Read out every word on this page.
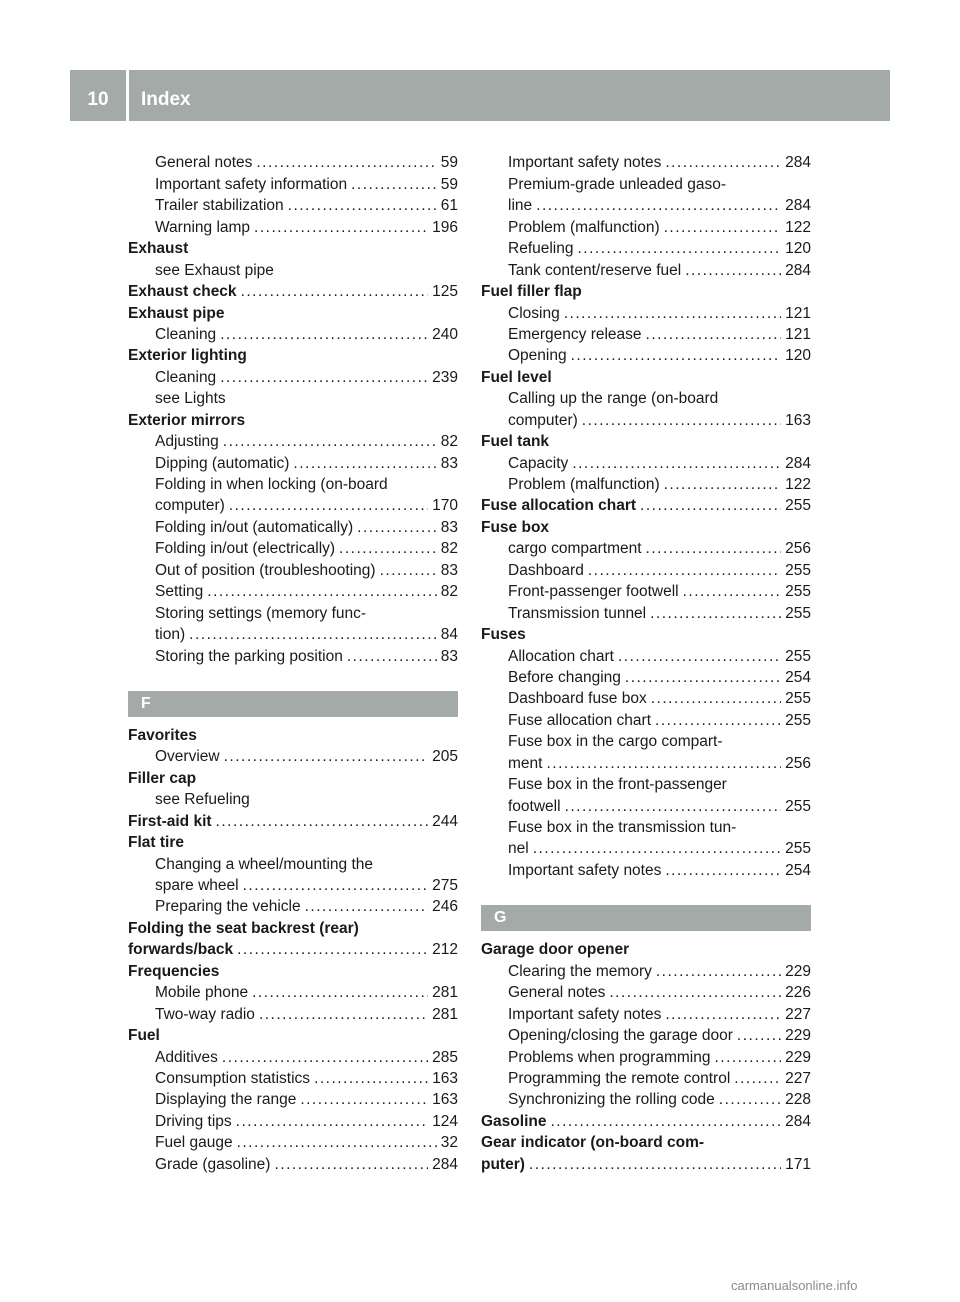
10	Index
General notes .....	59
Important safety information .....	59
Trailer stabilization .....	61
Warning lamp .....	196
Exhaust
see Exhaust pipe
Exhaust check .....	125
Exhaust pipe
Cleaning .....	240
Exterior lighting
Cleaning .....	239
see Lights
Exterior mirrors
Adjusting .....	82
Dipping (automatic) .....	83
Folding in when locking (on-board
computer) .....	170
Folding in/out (automatically) .....	83
Folding in/out (electrically) .....	82
Out of position (troubleshooting) .....	83
Setting .....	82
Storing settings (memory func-
tion) .....	84
Storing the parking position .....	83
F
Favorites
Overview .....	205
Filler cap
see Refueling
First-aid kit .....	244
Flat tire
Changing a wheel/mounting the
spare wheel .....	275
Preparing the vehicle .....	246
Folding the seat backrest (rear)
forwards/back .....	212
Frequencies
Mobile phone .....	281
Two-way radio .....	281
Fuel
Additives .....	285
Consumption statistics .....	163
Displaying the range .....	163
Driving tips .....	124
Fuel gauge .....	32
Grade (gasoline) .....	284
Important safety notes .....	284
Premium-grade unleaded gaso-
line .....	284
Problem (malfunction) .....	122
Refueling .....	120
Tank content/reserve fuel .....	284
Fuel filler flap
Closing .....	121
Emergency release .....	121
Opening .....	120
Fuel level
Calling up the range (on-board
computer) .....	163
Fuel tank
Capacity .....	284
Problem (malfunction) .....	122
Fuse allocation chart .....	255
Fuse box
cargo compartment .....	256
Dashboard .....	255
Front-passenger footwell .....	255
Transmission tunnel .....	255
Fuses
Allocation chart .....	255
Before changing .....	254
Dashboard fuse box .....	255
Fuse allocation chart .....	255
Fuse box in the cargo compart-
ment .....	256
Fuse box in the front-passenger
footwell .....	255
Fuse box in the transmission tun-
nel .....	255
Important safety notes .....	254
G
Garage door opener
Clearing the memory .....	229
General notes .....	226
Important safety notes .....	227
Opening/closing the garage door .....	229
Problems when programming .....	229
Programming the remote control .....	227
Synchronizing the rolling code .....	228
Gasoline .....	284
Gear indicator (on-board com-
puter) .....	171
carmanualsonline.info
